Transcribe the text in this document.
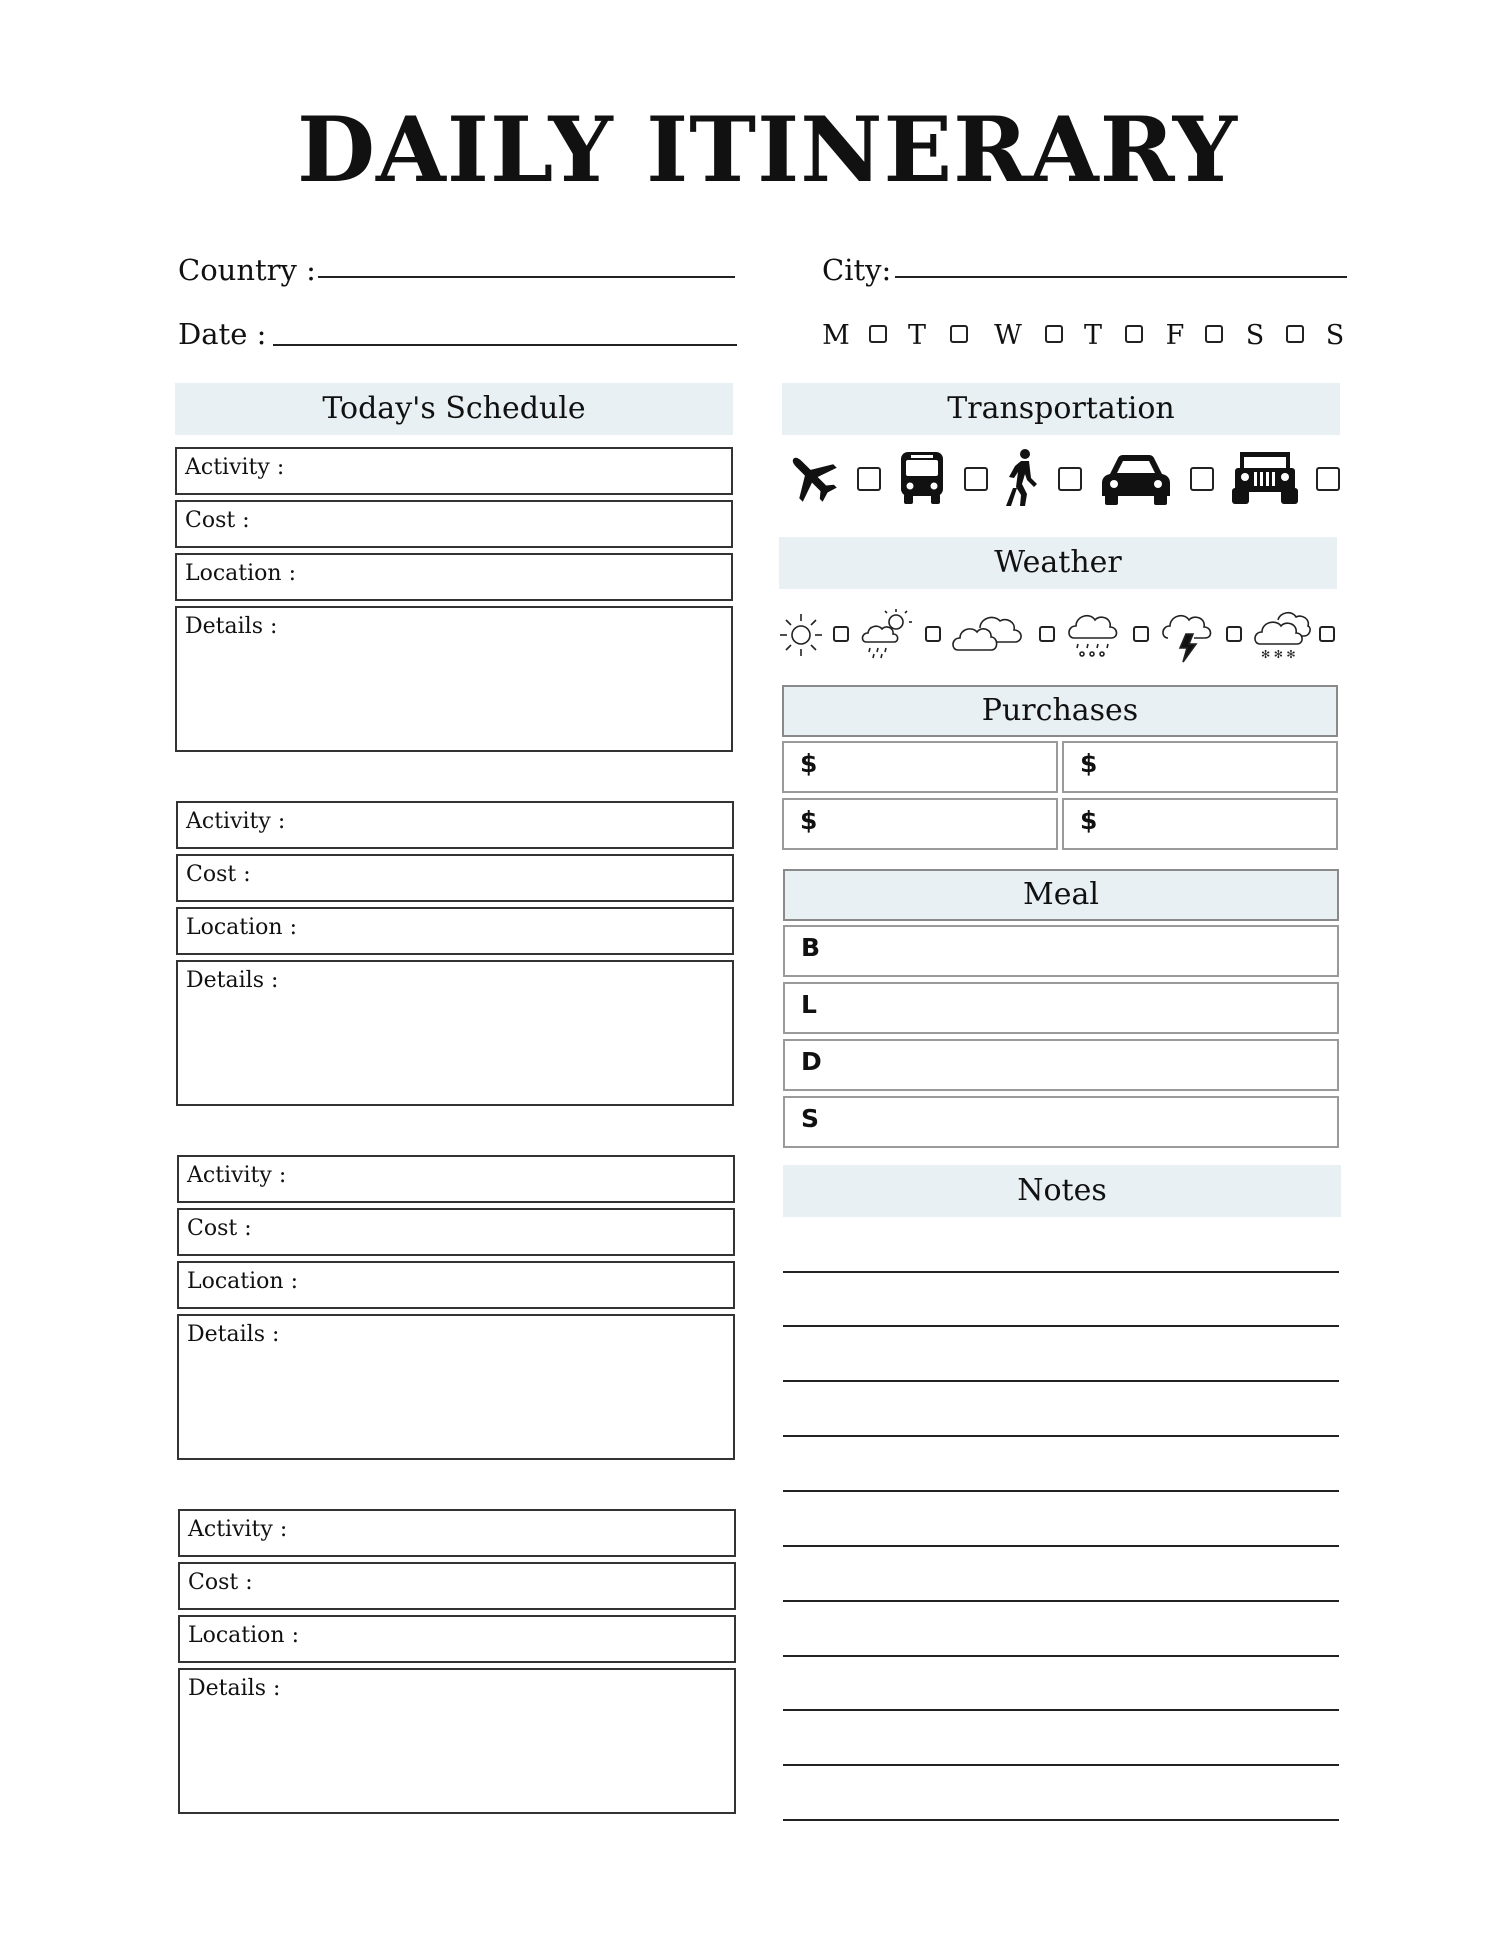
DAILY ITINERARY
Country :	City:
Date :	M T	W T F S S
Today's Schedule
Activity :
Cost :
Location :
Details :
Activity :
Cost :
Location :
Details :
Activity :
Cost :
Location :
Details :
Activity :
Cost :
Location :
Details :
Transportation
Weather
✻ ✻ ✻
Purchases
$	$
$	$
Meal
B
L
D
S
Notes
